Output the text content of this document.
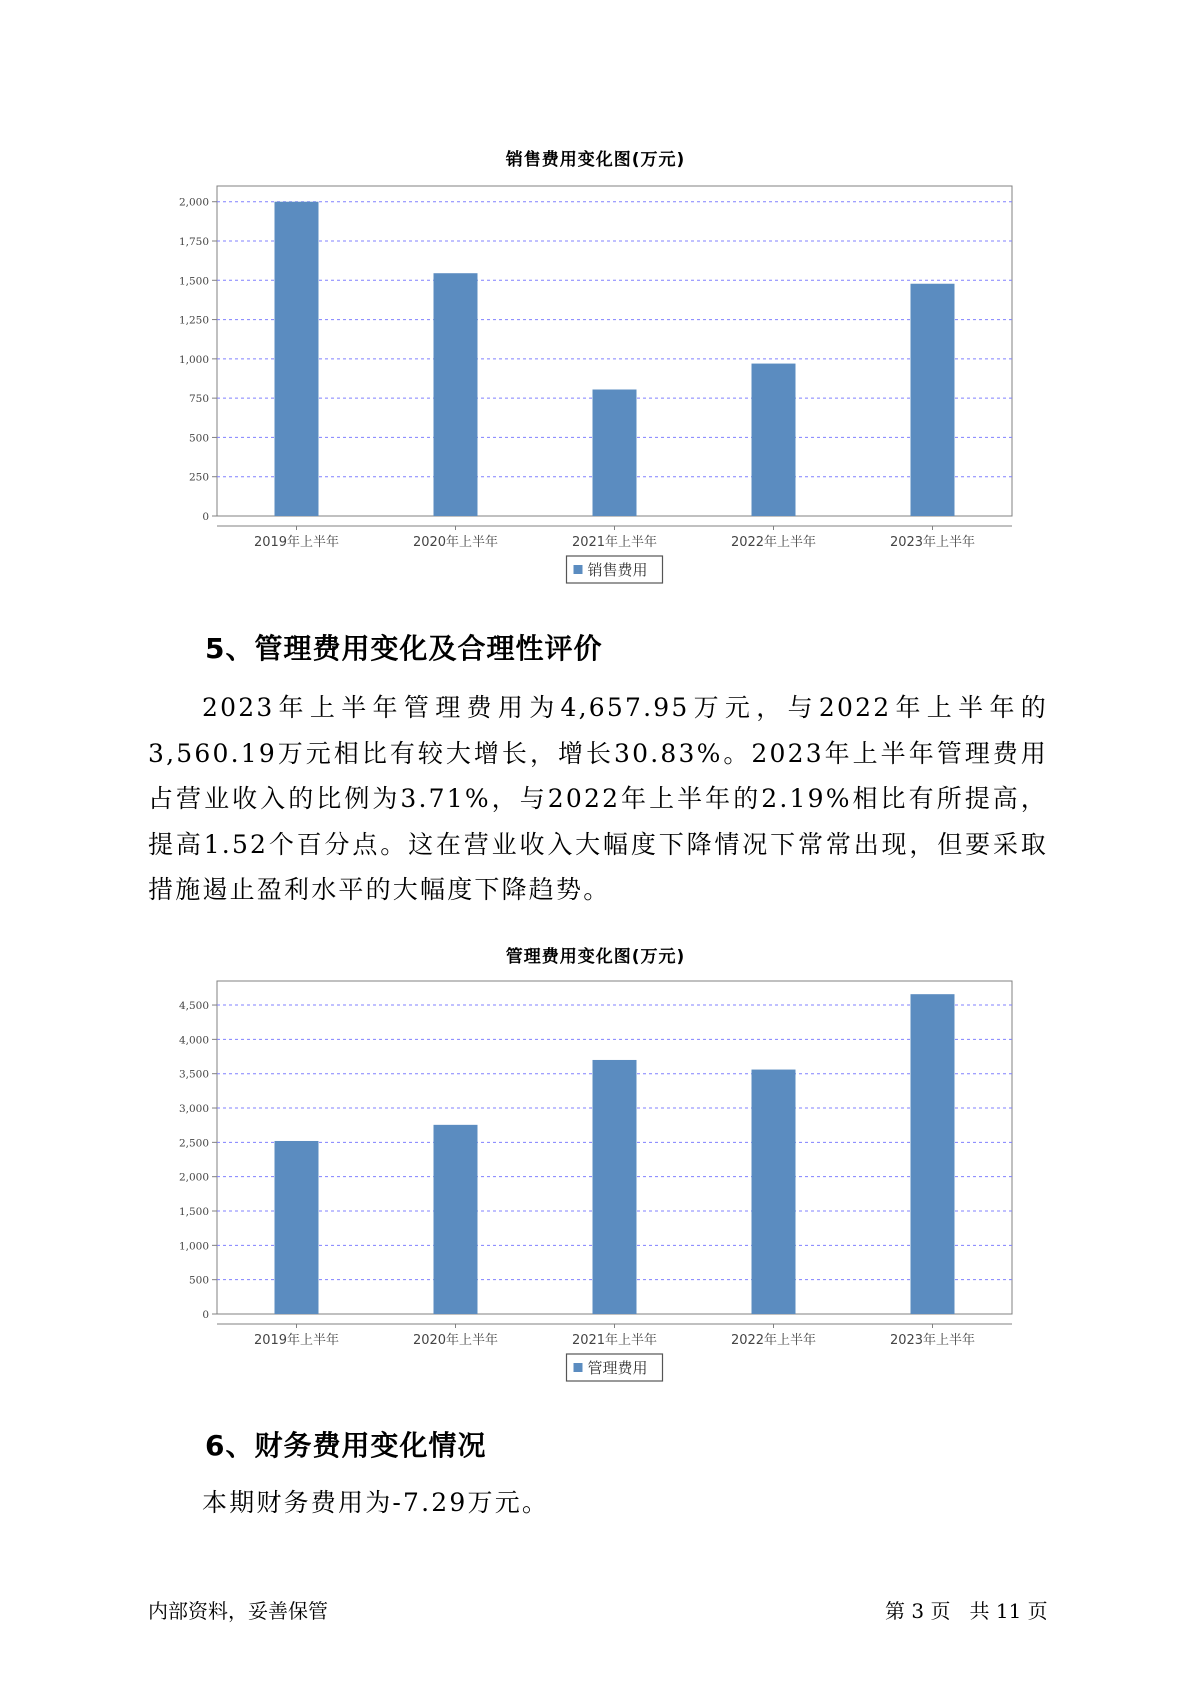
销售费用变化图(万元)
0
250
500
750
1,000
1,250
1,500
1,750
2,000
2019年上半年	2020年上半年	2021年上半年	2022年上半年	2023年上半年
销售费用
5、管理费用变化及合理性评价
2023年上半年管理费用为4,657.95万元，与2022年上半年的3,560.19万元相比有较大增长，增长30.83%。2023年上半年管理费用占营业收入的比例为3.71%，与2022年上半年的2.19%相比有所提高，提高1.52个百分点。这在营业收入大幅度下降情况下常常出现，但要采取措施遏止盈利水平的大幅度下降趋势。
管理费用变化图(万元)
0
500
1,000
1,500
2,000
2,500
3,000
3,500
4,000
4,500
2019年上半年	2020年上半年	2021年上半年	2022年上半年	2023年上半年
管理费用
6、财务费用变化情况
本期财务费用为-7.29万元。
内部资料，妥善保管	第 3 页   共 11 页
